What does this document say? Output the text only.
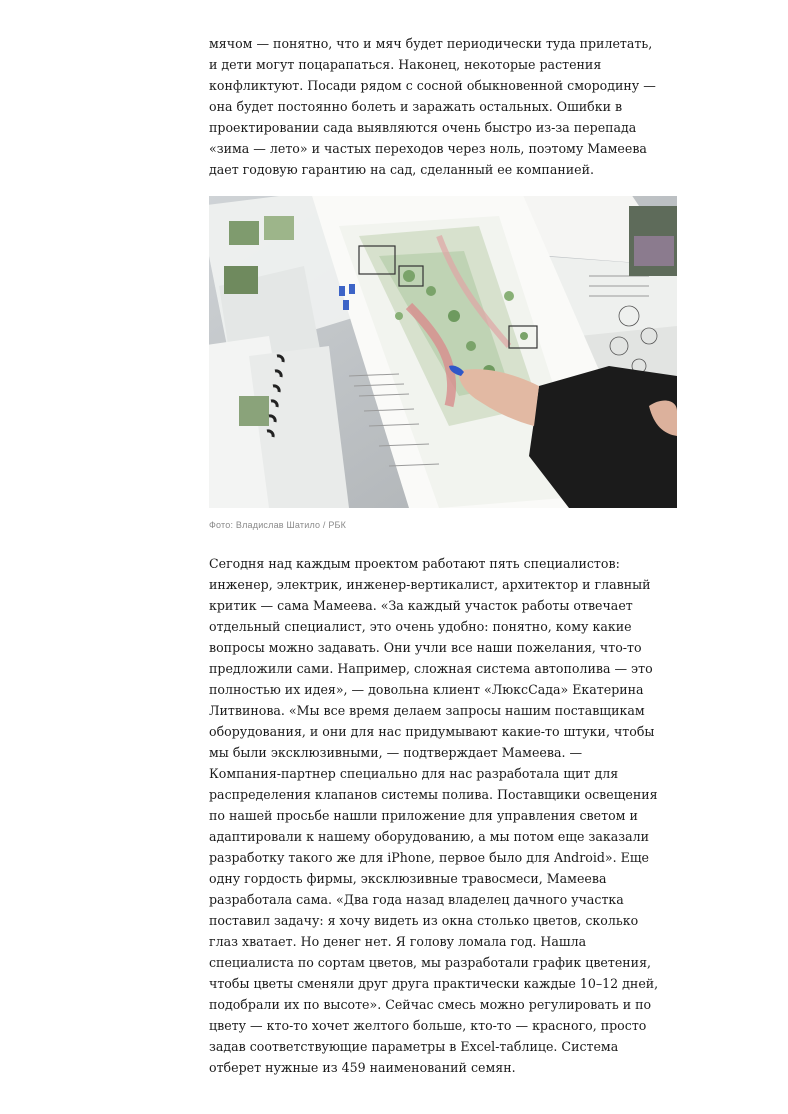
мячом — понятно, что и мяч будет периодически туда прилетать,
и дети могут поцарапаться. Наконец, некоторые растения
конфликтуют. Посади рядом с сосной обыкновенной смородину —
она будет постоянно болеть и заражать остальных. Ошибки в
проектировании сада выявляются очень быстро из-за перепада
«зима — лето» и частых переходов через ноль, поэтому Мамеева
дает годовую гарантию на сад, сделанный ее компанией.

Фото: Владислав Шатило / РБК

Сегодня над каждым проектом работают пять специалистов:
инженер, электрик, инженер-вертикалист, архитектор и главный
критик — сама Мамеева. «За каждый участок работы отвечает
отдельный специалист, это очень удобно: понятно, кому какие
вопросы можно задавать. Они учли все наши пожелания, что-то
предложили сами. Например, сложная система автополива — это
полностью их идея», — довольна клиент «ЛюксСада» Екатерина
Литвинова. «Мы все время делаем запросы нашим поставщикам
оборудования, и они для нас придумывают какие-то штуки, чтобы
мы были эксклюзивными, — подтверждает Мамеева. —
Компания-партнер специально для нас разработала щит для
распределения клапанов системы полива. Поставщики освещения
по нашей просьбе нашли приложение для управления светом и
адаптировали к нашему оборудованию, а мы потом еще заказали
разработку такого же для iPhone, первое было для Android». Еще
одну гордость фирмы, эксклюзивные травосмеси, Мамеева
разработала сама. «Два года назад владелец дачного участка
поставил задачу: я хочу видеть из окна столько цветов, сколько
глаз хватает. Но денег нет. Я голову ломала год. Нашла
специалиста по сортам цветов, мы разработали график цветения,
чтобы цветы сменяли друг друга практически каждые 10–12 дней,
подобрали их по высоте». Сейчас смесь можно регулировать и по
цвету — кто-то хочет желтого больше, кто-то — красного, просто
задав соответствующие параметры в Excel-таблице. Система
отберет нужные из 459 наименований семян.
